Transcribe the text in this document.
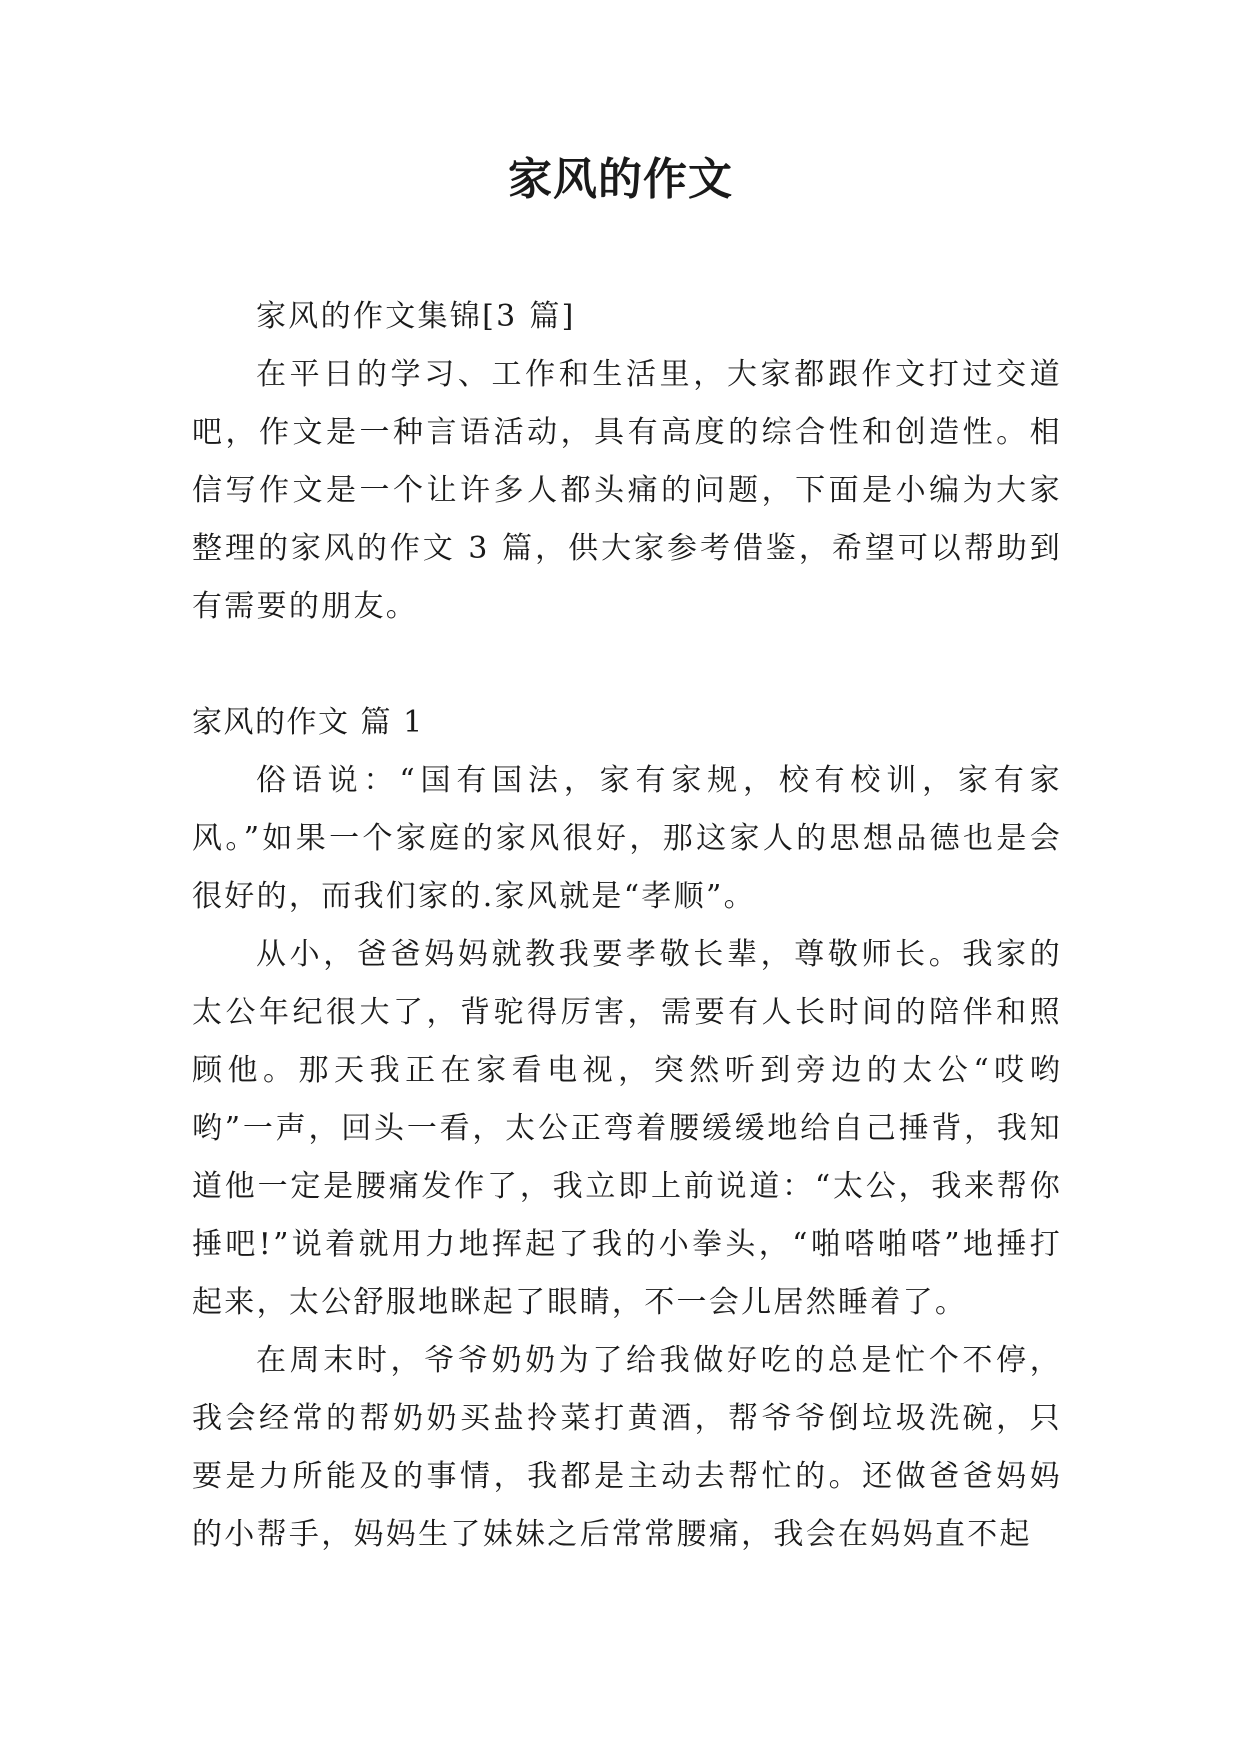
家风的作文

家风的作文集锦[3 篇]

在平日的学习、工作和生活里，大家都跟作文打过交道吧，作文是一种言语活动，具有高度的综合性和创造性。相信写作文是一个让许多人都头痛的问题，下面是小编为大家整理的家风的作文 3 篇，供大家参考借鉴，希望可以帮助到有需要的朋友。

家风的作文 篇 1

俗语说：“国有国法，家有家规，校有校训，家有家风。”如果一个家庭的家风很好，那这家人的思想品德也是会很好的，而我们家的.家风就是“孝顺”。

从小，爸爸妈妈就教我要孝敬长辈，尊敬师长。我家的太公年纪很大了，背驼得厉害，需要有人长时间的陪伴和照顾他。那天我正在家看电视，突然听到旁边的太公“哎哟哟”一声，回头一看，太公正弯着腰缓缓地给自己捶背，我知道他一定是腰痛发作了，我立即上前说道：“太公，我来帮你捶吧!”说着就用力地挥起了我的小拳头，“啪嗒啪嗒”地捶打起来，太公舒服地眯起了眼睛，不一会儿居然睡着了。

在周末时，爷爷奶奶为了给我做好吃的总是忙个不停，我会经常的帮奶奶买盐拎菜打黄酒，帮爷爷倒垃圾洗碗，只要是力所能及的事情，我都是主动去帮忙的。还做爸爸妈妈的小帮手，妈妈生了妹妹之后常常腰痛，我会在妈妈直不起
